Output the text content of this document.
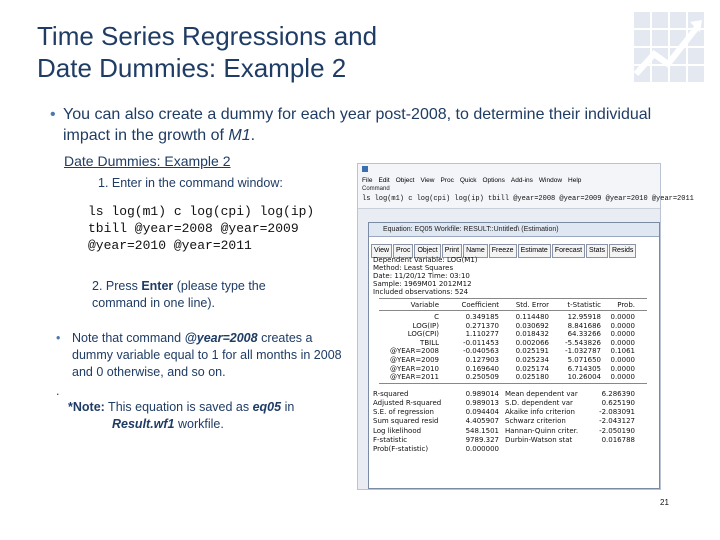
Time Series Regressions and
Date Dummies: Example 2
• You can also create a dummy for each year post-2008, to determine their individual impact in the growth of M1.
Date Dummies: Example 2
1. Enter in the command window:
ls log(m1) c log(cpi) log(ip)
tbill @year=2008 @year=2009
@year=2010 @year=2011
2. Press Enter (please type the command in one line).
• Note that command @year=2008 creates a dummy variable equal to 1 for all months in 2008 and 0 otherwise, and so on.
.
*Note: This equation is saved as eq05 in
Result.wf1 workfile.
File Edit Object View Proc Quick Options Add-ins Window Help
Command
ls log(m1) c log(cpi) log(ip) tbill @year=2008 @year=2009 @year=2010 @year=2011
Equation: EQ05 Workfile: RESULT::Untitled\ (Estimation)
View Proc Object Print Name Freeze Estimate Forecast Stats Resids
Dependent Variable: LOG(M1)
Method: Least Squares
Date: 11/20/12 Time: 03:10
Sample: 1969M01 2012M12
Included observations: 524
Variable	Coefficient Std. Error	t-Statistic Prob.
C	0.349185 0.114480	12.95918 0.0000
LOG(IP)	0.271370 0.030692	8.841686 0.0000
LOG(CPI)	1.110277 0.018432	64.33266 0.0000
TBILL	-0.011453 0.002066 -5.543826 0.0000
@YEAR=2008	-0.040563 0.025191 -1.032787 0.1061
@YEAR=2009	0.127903 0.025234	5.071650 0.0000
@YEAR=2010	0.169640 0.025174	6.714305 0.0000
@YEAR=2011	0.250509 0.025180	10.26004 0.0000
R-squared	0.989014 Mean dependent var	6.286390
Adjusted R-squared	0.989013 S.D. dependent var	0.625190
S.E. of regression	0.094404 Akaike info criterion	-2.083091
Sum squared resid	4.405907 Schwarz criterion	-2.043127
Log likelihood	548.1501 Hannan-Quinn criter.	-2.050190
F-statistic	9789.327 Durbin-Watson stat	0.016788
Prob(F-statistic)	0.000000
21
